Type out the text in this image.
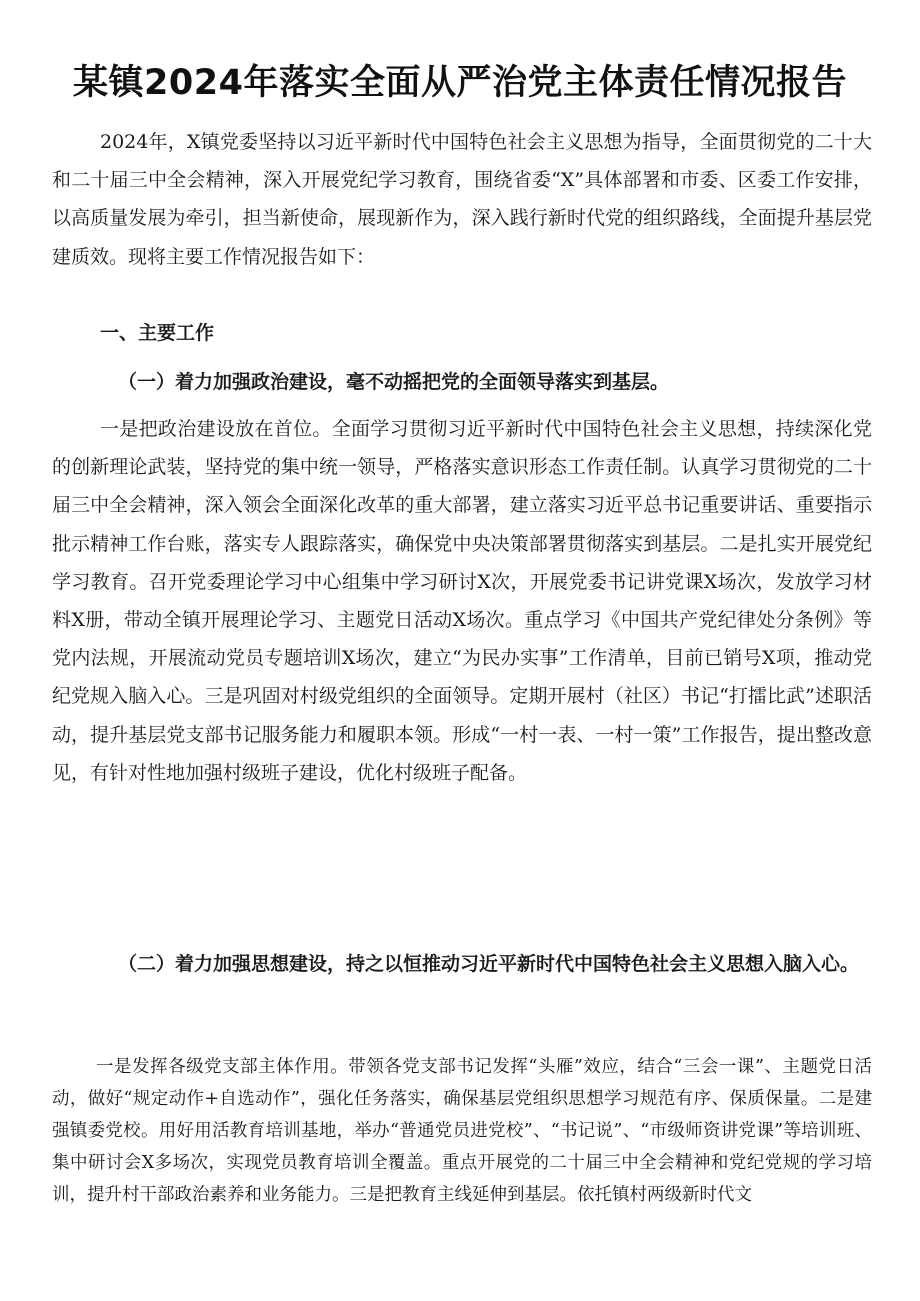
某镇2024年落实全面从严治党主体责任情况报告

2024年，X镇党委坚持以习近平新时代中国特色社会主义思想为指导，全面贯彻党的二十大和二十届三中全会精神，深入开展党纪学习教育，围绕省委“X”具体部署和市委、区委工作安排，以高质量发展为牵引，担当新使命，展现新作为，深入践行新时代党的组织路线，全面提升基层党建质效。现将主要工作情况报告如下：

一、主要工作

（一）着力加强政治建设，毫不动摇把党的全面领导落实到基层。

一是把政治建设放在首位。全面学习贯彻习近平新时代中国特色社会主义思想，持续深化党的创新理论武装，坚持党的集中统一领导，严格落实意识形态工作责任制。认真学习贯彻党的二十届三中全会精神，深入领会全面深化改革的重大部署，建立落实习近平总书记重要讲话、重要指示批示精神工作台账，落实专人跟踪落实，确保党中央决策部署贯彻落实到基层。二是扎实开展党纪学习教育。召开党委理论学习中心组集中学习研讨X次，开展党委书记讲党课X场次，发放学习材料X册，带动全镇开展理论学习、主题党日活动X场次。重点学习《中国共产党纪律处分条例》等党内法规，开展流动党员专题培训X场次，建立“为民办实事”工作清单，目前已销号X项，推动党纪党规入脑入心。三是巩固对村级党组织的全面领导。定期开展村（社区）书记“打擂比武”述职活动，提升基层党支部书记服务能力和履职本领。形成“一村一表、一村一策”工作报告，提出整改意见，有针对性地加强村级班子建设，优化村级班子配备。

（二）着力加强思想建设，持之以恒推动习近平新时代中国特色社会主义思想入脑入心。

一是发挥各级党支部主体作用。带领各党支部书记发挥“头雁”效应，结合“三会一课”、主题党日活动，做好“规定动作+自选动作”，强化任务落实，确保基层党组织思想学习规范有序、保质保量。二是建强镇委党校。用好用活教育培训基地，举办“普通党员进党校”、“书记说”、“市级师资讲党课”等培训班、集中研讨会X多场次，实现党员教育培训全覆盖。重点开展党的二十届三中全会精神和党纪党规的学习培训，提升村干部政治素养和业务能力。三是把教育主线延伸到基层。依托镇村两级新时代文
